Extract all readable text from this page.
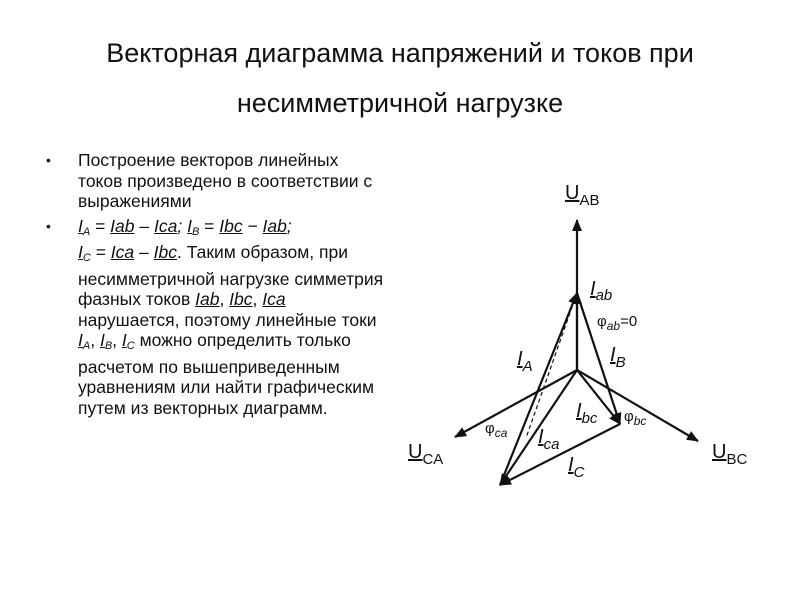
Векторная диаграмма напряжений и токов при
несимметричной нагрузке
• Построение векторов линейных токов произведено в соответствии с выражениями
• $I_A$ = Iab – Ica; $I_B$ = Ibc − Iab;
$I_C$ = Ica – Ibc. Таким образом, при несимметричной нагрузке симметрия фазных токов Iab, Ibc, Ica нарушается, поэтому линейные токи $I_A$, $I_B$, $I_C$ можно определить только расчетом по вышеприведенным уравнениям или найти графическим путем из векторных диаграмм.
$U_{AB}$
$U_{CA}$	$U_{BC}$
$I_{ab}$
$\varphi_{ab}=0$
$I_A$
$I_B$
$I_{bc}$ $\varphi_{bc}$
$\varphi_{ca}$ $I_{ca}$
$I_C$
